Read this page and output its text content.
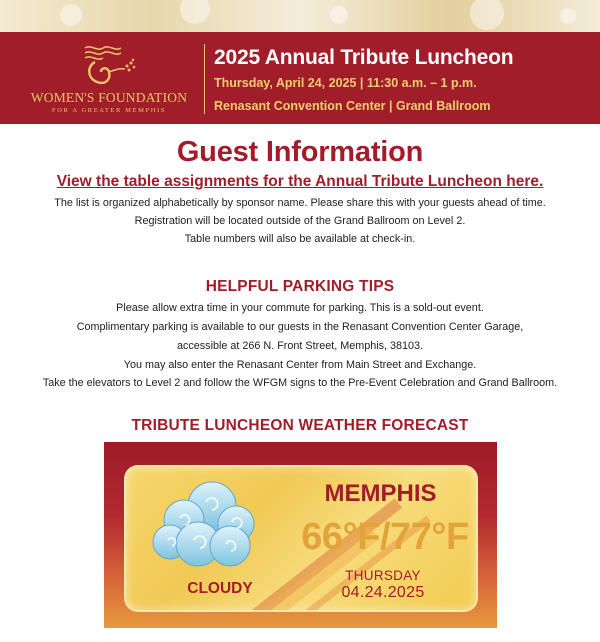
WOMEN'S FOUNDATION
FOR A GREATER MEMPHIS
2025 Annual Tribute Luncheon
Thursday, April 24, 2025 | 11:30 a.m. – 1 p.m.
Renasant Convention Center | Grand Ballroom
Guest Information
View the table assignments for the Annual Tribute Luncheon here.
The list is organized alphabetically by sponsor name. Please share this with your guests ahead of time.
Registration will be located outside of the Grand Ballroom on Level 2.
Table numbers will also be available at check-in.
HELPFUL PARKING TIPS
Please allow extra time in your commute for parking. This is a sold-out event.
Complimentary parking is available to our guests in the Renasant Convention Center Garage,
accessible at 266 N. Front Street, Memphis, 38103.
You may also enter the Renasant Center from Main Street and Exchange.
Take the elevators to Level 2 and follow the WFGM signs to the Pre-Event Celebration and Grand Ballroom.
TRIBUTE LUNCHEON WEATHER FORECAST
MEMPHIS
66°F/77°F
THURSDAY
04.24.2025
CLOUDY
